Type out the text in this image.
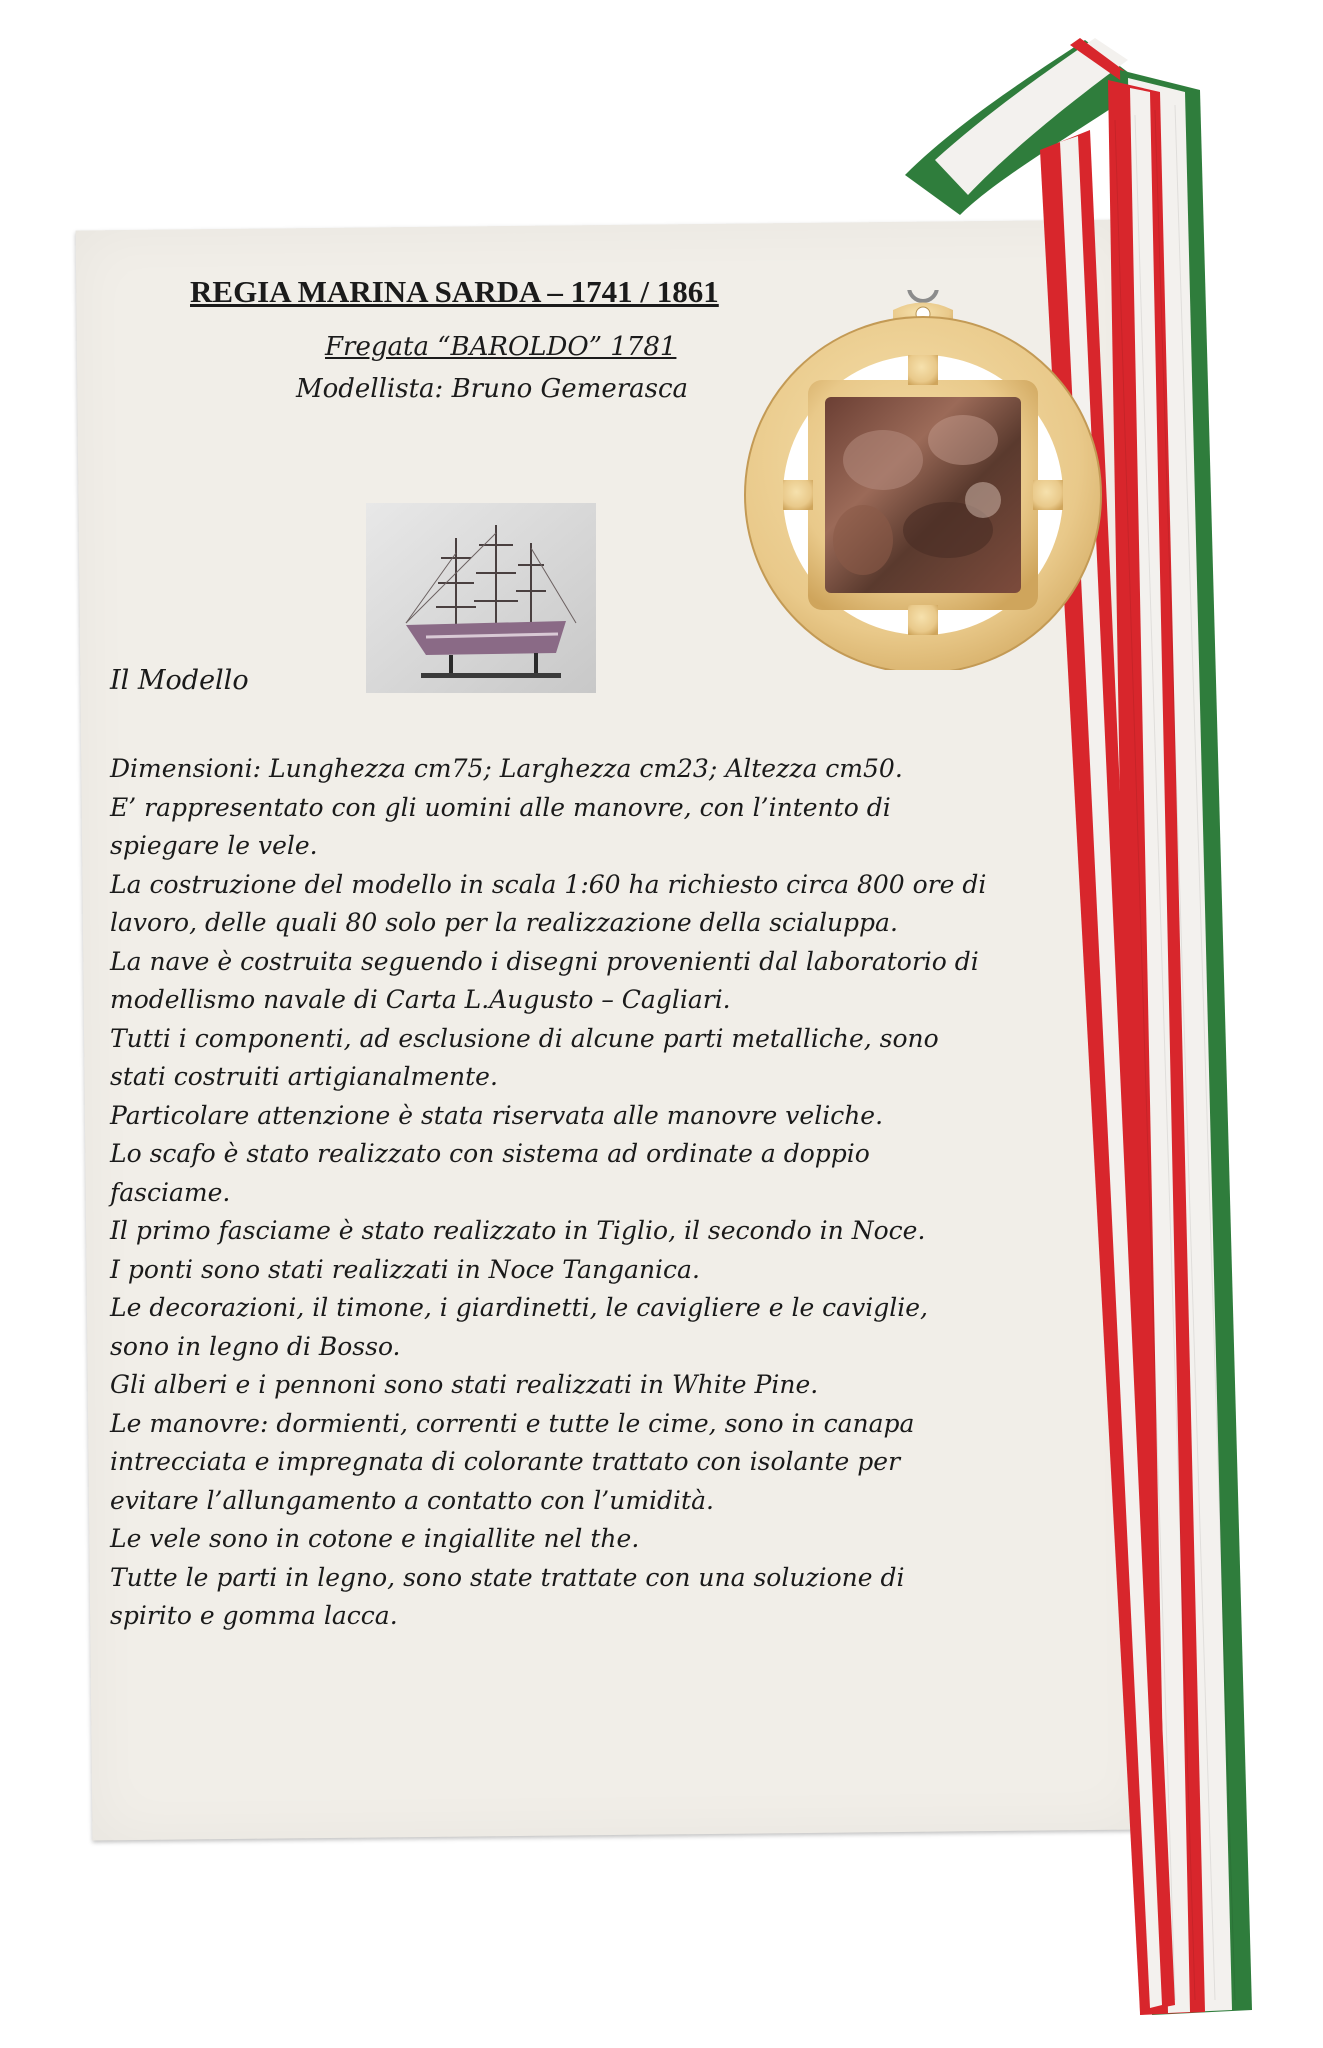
REGIA MARINA SARDA – 1741 / 1861
Fregata “BAROLDO” 1781
Modellista: Bruno Gemerasca
Il Modello
Dimensioni: Lunghezza cm75; Larghezza cm23; Altezza cm50.
E’ rappresentato con gli uomini alle manovre, con l’intento di
spiegare le vele.
La costruzione del modello in scala 1:60 ha richiesto circa 800 ore di
lavoro, delle quali 80 solo per la realizzazione della scialuppa.
La nave è costruita seguendo i disegni provenienti dal laboratorio di
modellismo navale di Carta L.Augusto – Cagliari.
Tutti i componenti, ad esclusione di alcune parti metalliche, sono
stati costruiti artigianalmente.
Particolare attenzione è stata riservata alle manovre veliche.
Lo scafo è stato realizzato con sistema ad ordinate a doppio
fasciame.
Il primo fasciame è stato realizzato in Tiglio, il secondo in Noce.
I ponti sono stati realizzati in Noce Tanganica.
Le decorazioni, il timone, i giardinetti, le cavigliere e le caviglie,
sono in legno di Bosso.
Gli alberi e i pennoni sono stati realizzati in White Pine.
Le manovre: dormienti, correnti e tutte le cime, sono in canapa
intrecciata e impregnata di colorante trattato con isolante per
evitare l’allungamento a contatto con l’umidità.
Le vele sono in cotone e ingiallite nel the.
Tutte le parti in legno, sono state trattate con una soluzione di
spirito e gomma lacca.
